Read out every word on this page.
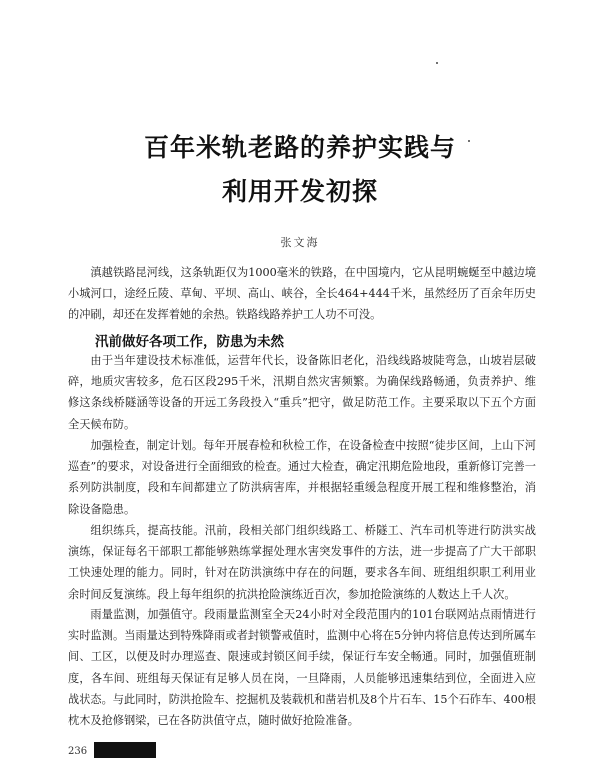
百年米轨老路的养护实践与
利用开发初探
张文海

滇越铁路昆河线，这条轨距仅为1000毫米的铁路，在中国境内，它从昆明蜿蜒至中越边境小城河口，途经丘陵、草甸、平坝、高山、峡谷，全长464+444千米，虽然经历了百余年历史的冲刷，却还在发挥着她的余热。铁路线路养护工人功不可没。

汛前做好各项工作，防患为未然

由于当年建设技术标准低，运营年代长，设备陈旧老化，沿线线路坡陡弯急，山坡岩层破碎，地质灾害较多，危石区段295千米，汛期自然灾害频繁。为确保线路畅通，负责养护、维修这条线桥隧涵等设备的开远工务段投入“重兵”把守，做足防范工作。主要采取以下五个方面全天候布防。

加强检查，制定计划。每年开展春检和秋检工作，在设备检查中按照“徒步区间，上山下河巡查”的要求，对设备进行全面细致的检查。通过大检查，确定汛期危险地段，重新修订完善一系列防洪制度，段和车间都建立了防洪病害库，并根据轻重缓急程度开展工程和维修整治，消除设备隐患。

组织练兵，提高技能。汛前，段相关部门组织线路工、桥隧工、汽车司机等进行防洪实战演练，保证每名干部职工都能够熟练掌握处理水害突发事件的方法，进一步提高了广大干部职工快速处理的能力。同时，针对在防洪演练中存在的问题，要求各车间、班组组织职工利用业余时间反复演练。段上每年组织的抗洪抢险演练近百次，参加抢险演练的人数达上千人次。

雨量监测，加强值守。段雨量监测室全天24小时对全段范围内的101台联网站点雨情进行实时监测。当雨量达到特殊降雨或者封锁警戒值时，监测中心将在5分钟内将信息传达到所属车间、工区，以便及时办理巡查、限速或封锁区间手续，保证行车安全畅通。同时，加强值班制度，各车间、班组每天保证有足够人员在岗，一旦降雨，人员能够迅速集结到位，全面进入应战状态。与此同时，防洪抢险车、挖掘机及装载机和凿岩机及8个片石车、15个石砟车、400根枕木及抢修钢梁，已在各防洪值守点，随时做好抢险准备。

236
